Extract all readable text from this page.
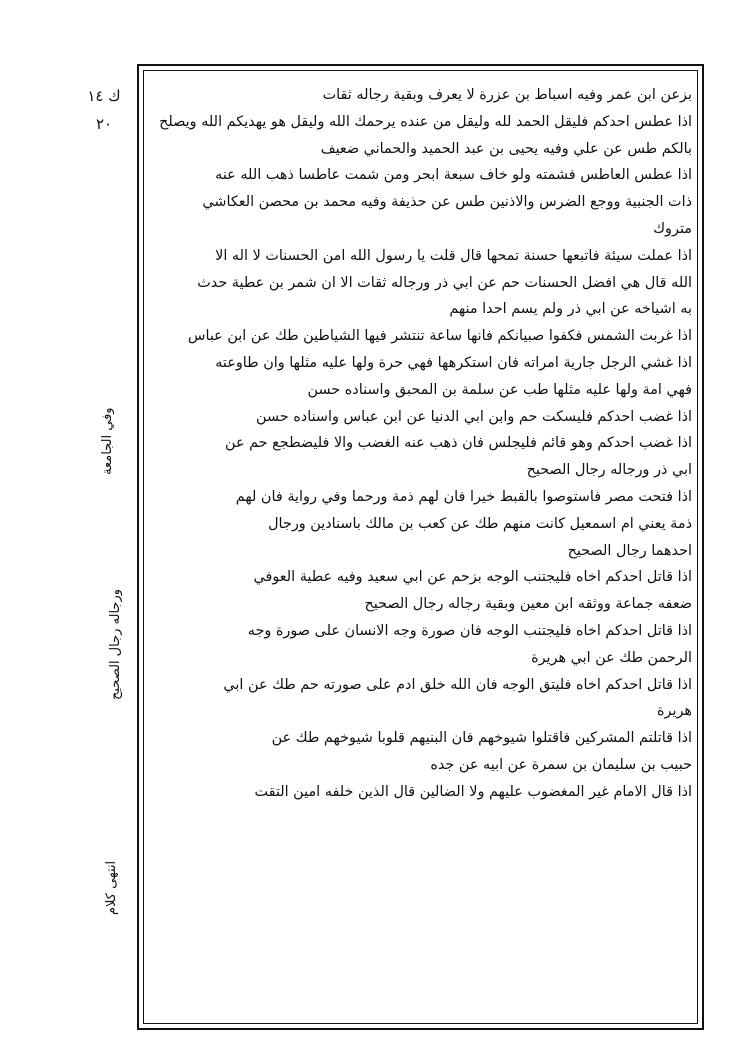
ك ١٤
٢٠
وفي الجامعة
ورجاله رجال الصحيح
انتهى كلام
بزعن ابن عمر وفيه اسباط بن عزرة لا يعرف وبقية رجاله ثقات
اذا عطس احدكم فليقل الحمد لله وليقل من عنده يرحمك الله وليقل هو يهديكم الله ويصلح
بالكم طس عن علي وفيه يحيى بن عبد الحميد والحماني ضعيف
اذا عطس العاطس فشمته ولو خاف سبعة ابحر ومن شمت عاطسا ذهب الله عنه
ذات الجنبية ووجع الضرس والاذنين طس عن حذيفة وفيه محمد بن محصن العكاشي
متروك
اذا عملت سيئة فاتبعها حسنة تمحها قال قلت يا رسول الله امن الحسنات لا اله الا
الله قال هي افضل الحسنات حم عن ابي ذر ورجاله ثقات الا ان شمر بن عطية حدث
به اشياخه عن ابي ذر ولم يسم احدا منهم
اذا غربت الشمس فكفوا صبيانكم فانها ساعة تنتشر فيها الشياطين طك عن ابن عباس
اذا غشي الرجل جارية امراته فان استكرهها فهي حرة ولها عليه مثلها وان طاوعته
فهي امة ولها عليه مثلها طب عن سلمة بن المحبق واسناده حسن
اذا غضب احدكم فليسكت حم وابن ابي الدنيا عن ابن عباس واسناده حسن
اذا غضب احدكم وهو قائم فليجلس فان ذهب عنه الغضب والا فليضطجع حم عن
ابي ذر ورجاله رجال الصحيح
اذا فتحت مصر فاستوصوا بالقبط خيرا فان لهم ذمة ورحما وفي رواية فان لهم
ذمة يعني ام اسمعيل كانت منهم طك عن كعب بن مالك باسنادين ورجال
احدهما رجال الصحيح
اذا قاتل احدكم اخاه فليجتنب الوجه بزحم عن ابي سعيد وفيه عطية العوفي
ضعفه جماعة ووثقه ابن معين وبقية رجاله رجال الصحيح
اذا قاتل احدكم اخاه فليجتنب الوجه فان صورة وجه الانسان على صورة وجه
الرحمن طك عن ابي هريرة
اذا قاتل احدكم اخاه فليتق الوجه فان الله خلق ادم على صورته حم طك عن ابي
هريرة
اذا قاتلتم المشركين فاقتلوا شيوخهم فان البنيهم قلوبا شيوخهم طك عن
حبيب بن سليمان بن سمرة عن ابيه عن جده
اذا قال الامام غير المغضوب عليهم ولا الضالين قال الذين خلفه امين التقت
